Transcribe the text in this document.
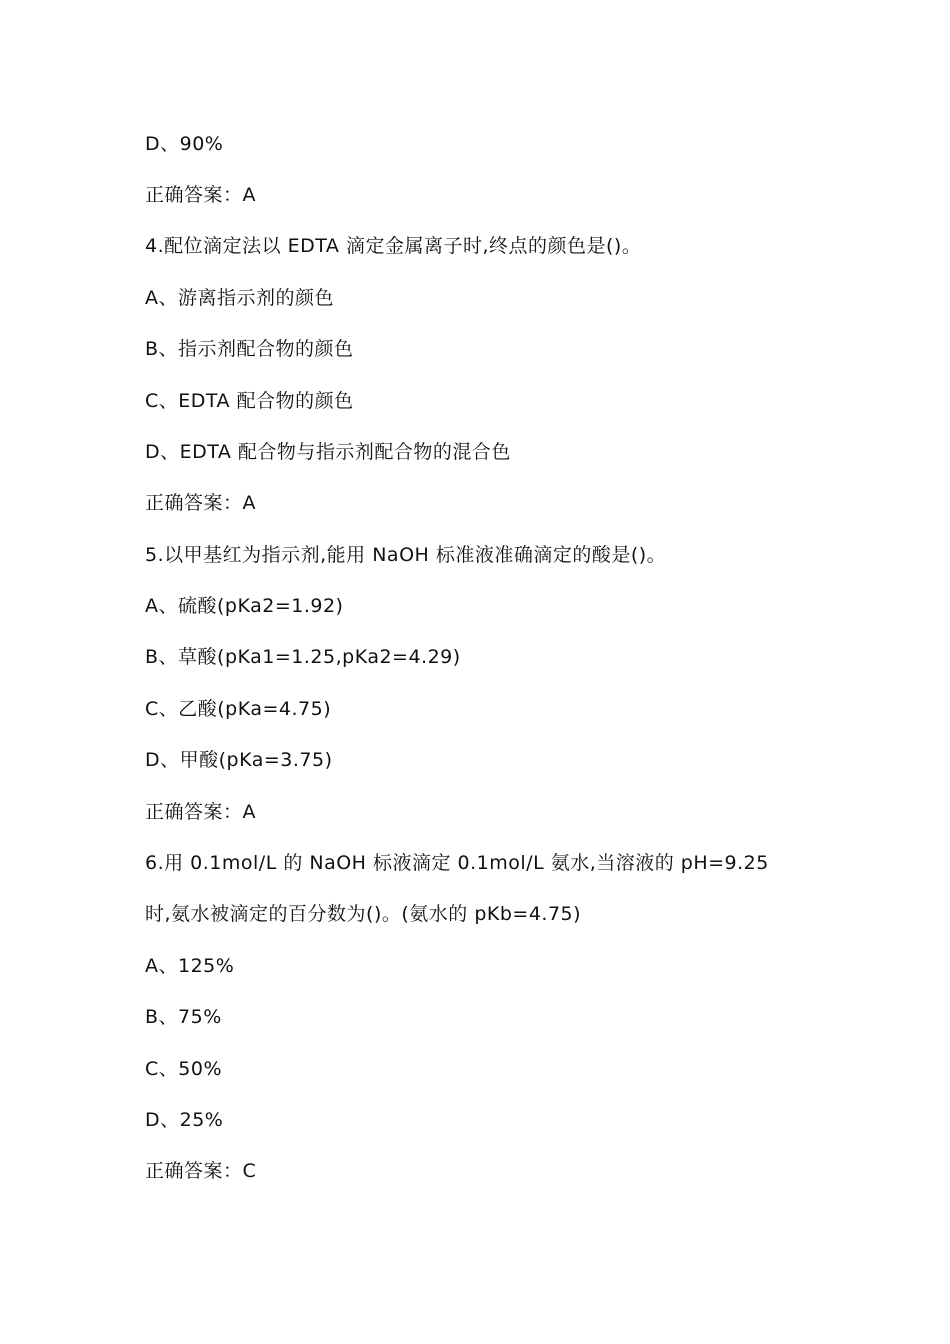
D、90%
正确答案：A
4.配位滴定法以 EDTA 滴定金属离子时,终点的颜色是()。
A、游离指示剂的颜色
B、指示剂配合物的颜色
C、EDTA 配合物的颜色
D、EDTA 配合物与指示剂配合物的混合色
正确答案：A
5.以甲基红为指示剂,能用 NaOH 标准液准确滴定的酸是()。
A、硫酸(pKa2=1.92)
B、草酸(pKa1=1.25,pKa2=4.29)
C、乙酸(pKa=4.75)
D、甲酸(pKa=3.75)
正确答案：A
6.用 0.1mol/L 的 NaOH 标液滴定 0.1mol/L 氨水,当溶液的 pH=9.25
时,氨水被滴定的百分数为()。(氨水的 pKb=4.75)
A、125%
B、75%
C、50%
D、25%
正确答案：C
